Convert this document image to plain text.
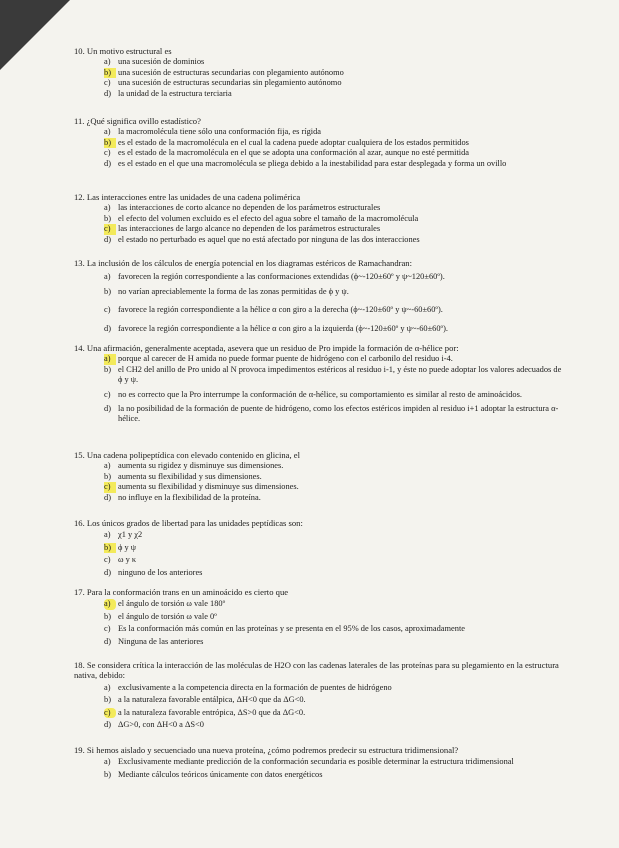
10. Un motivo estructural es

a) una sucesión de dominios
b) una sucesión de estructuras secundarias con plegamiento autónomo
c) una sucesión de estructuras secundarias sin plegamiento autónomo
d) la unidad de la estructura terciaria

11. ¿Qué significa ovillo estadístico?

a) la macromolécula tiene sólo una conformación fija, es rígida
b) es el estado de la macromolécula en el cual la cadena puede adoptar cualquiera de los estados permitidos
c) es el estado de la macromolécula en el que se adopta una conformación al azar, aunque no esté permitida
d) es el estado en el que una macromolécula se pliega debido a la inestabilidad para estar desplegada y forma un ovillo

12. Las interacciones entre las unidades de una cadena polimérica

a) las interacciones de corto alcance no dependen de los parámetros estructurales
b) el efecto del volumen excluido es el efecto del agua sobre el tamaño de la macromolécula
c) las interacciones de largo alcance no dependen de los parámetros estructurales
d) el estado no perturbado es aquel que no está afectado por ninguna de las dos interacciones

13. La inclusión de los cálculos de energía potencial en los diagramas estéricos de Ramachandran:

a) favorecen la región correspondiente a las conformaciones extendidas (ϕ~-120±60º y ψ~120±60º).
b) no varían apreciablemente la forma de las zonas permitidas de ϕ y ψ.
c) favorece la región correspondiente a la hélice α con giro a la derecha (ϕ~-120±60º y ψ~-60±60º).
d) favorece la región correspondiente a la hélice α con giro a la izquierda (ϕ~-120±60º y ψ~-60±60º).

14. Una afirmación, generalmente aceptada, asevera que un residuo de Pro impide la formación de α-hélice por:

a) porque al carecer de H amida no puede formar puente de hidrógeno con el carbonilo del residuo i-4.
b) el CH2 del anillo de Pro unido al N provoca impedimentos estéricos al residuo i-1, y éste no puede adoptar los valores adecuados de ϕ y ψ.
c) no es correcto que la Pro interrumpe la conformación de α-hélice, su comportamiento es similar al resto de aminoácidos.
d) la no posibilidad de la formación de puente de hidrógeno, como los efectos estéricos impiden al residuo i+1 adoptar la estructura α-hélice.

15. Una cadena polipeptídica con elevado contenido en glicina, el

a) aumenta su rigidez y disminuye sus dimensiones.
b) aumenta su flexibilidad y sus dimensiones.
c) aumenta su flexibilidad y disminuye sus dimensiones.
d) no influye en la flexibilidad de la proteína.

16. Los únicos grados de libertad para las unidades peptídicas son:

a) χ1 y χ2
b) ϕ y ψ
c) ω y κ
d) ninguno de los anteriores

17. Para la conformación trans en un aminoácido es cierto que

a) el ángulo de torsión ω vale 180º
b) el ángulo de torsión ω vale 0º
c) Es la conformación más común en las proteínas y se presenta en el 95% de los casos, aproximadamente
d) Ninguna de las anteriores

18. Se considera crítica la interacción de las moléculas de H2O con las cadenas laterales de las proteínas para su plegamiento en la estructura nativa, debido:

a) exclusivamente a la competencia directa en la formación de puentes de hidrógeno
b) a la naturaleza favorable entálpica, ΔH<0 que da ΔG<0.
c) a la naturaleza favorable entrópica, ΔS>0 que da ΔG<0.
d) ΔG>0, con ΔH<0 a ΔS<0

19. Si hemos aislado y secuenciado una nueva proteína, ¿cómo podremos predecir su estructura tridimensional?

a) Exclusivamente mediante predicción de la conformación secundaria es posible determinar la estructura tridimensional
b) Mediante cálculos teóricos únicamente con datos energéticos
